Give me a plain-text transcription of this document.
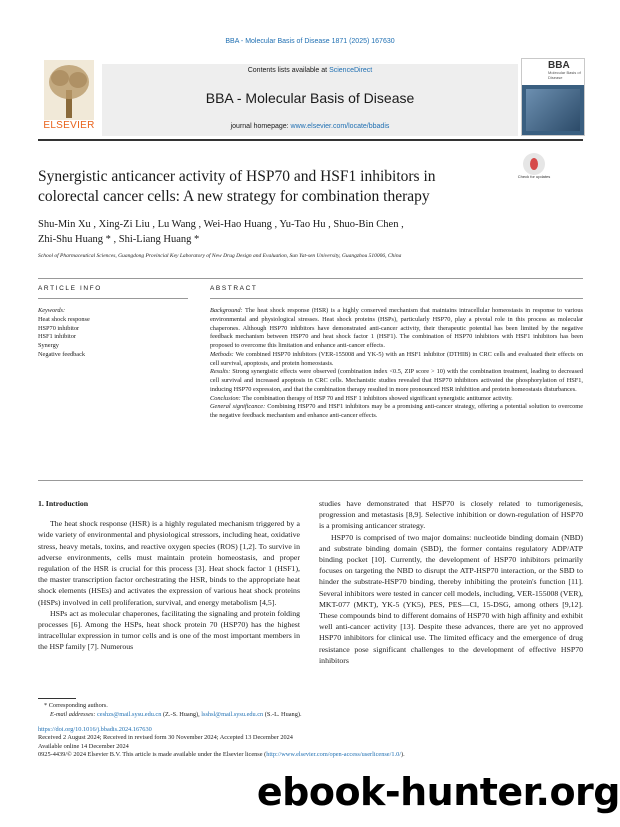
BBA - Molecular Basis of Disease 1871 (2025) 167630
ELSEVIER
Contents lists available at ScienceDirect
BBA - Molecular Basis of Disease
journal homepage: www.elsevier.com/locate/bbadis
BBA
Molecular Basis of Disease
Synergistic anticancer activity of HSP70 and HSF1 inhibitors in colorectal cancer cells: A new strategy for combination therapy
Check for updates
Shu-Min Xu , Xing-Zi Liu , Lu Wang , Wei-Hao Huang , Yu-Tao Hu , Shuo-Bin Chen ,
Zhi-Shu Huang * , Shi-Liang Huang *
School of Pharmaceutical Sciences, Guangdong Provincial Key Laboratory of New Drug Design and Evaluation, Sun Yat-sen University, Guangzhou 510006, China
ARTICLE INFO	ABSTRACT
Keywords:
Heat shock response
HSP70 inhibitor
HSF1 inhibitor
Synergy
Negative feedback

Background: The heat shock response (HSR) is a highly conserved mechanism that maintains intracellular homeostasis in response to various environmental and physiological stresses. Heat shock proteins (HSPs), particularly HSP70, play a pivotal role in this process as molecular chaperones. Although HSP70 inhibitors have demonstrated anti-cancer activity, their therapeutic potential has been limited by the negative feedback mechanism between HSP70 and heat shock factor 1 (HSF1). The combination of HSP70 inhibitors with HSF1 inhibitors has been proposed to overcome this limitation and enhance anti-cancer effects.

Methods: We combined HSP70 inhibitors (VER-155008 and YK-5) with an HSF1 inhibitor (DTHIB) in CRC cells and evaluated their effects on cell survival, apoptosis, and protein homeostasis.

Results: Strong synergistic effects were observed (combination index <0.5, ZIP score > 10) with the combination treatment, leading to decreased cell survival and increased apoptosis in CRC cells. Mechanistic studies revealed that HSP70 inhibitors activated the phosphorylation of HSF1, inducing HSP70 expression, and that the combination therapy resulted in more pronounced HSR inhibition and protein homeostasis disturbances.

Conclusion: The combination therapy of HSP 70 and HSF 1 inhibitors showed significant synergistic antitumor activity.

General significance: Combining HSP70 and HSF1 inhibitors may be a promising anti-cancer strategy, offering a potential solution to overcome the negative feedback mechanism and enhance anti-cancer effects.

1. Introduction

The heat shock response (HSR) is a highly regulated mechanism triggered by a wide variety of environmental and physiological stressors, including heat, oxidative stress, heavy metals, toxins, and reactive oxygen species (ROS) [1,2]. To survive in adverse environments, cells must maintain protein homeostasis, and proper regulation of the HSR is crucial for this process [3]. Heat shock factor 1 (HSF1), the master transcription factor orchestrating the HSR, binds to the appropriate heat shock elements (HSEs) and activates the expression of various heat shock proteins (HSPs) involved in cell proliferation, survival, and energy metabolism [4,5].

HSPs act as molecular chaperones, facilitating the signaling and protein folding processes [6]. Among the HSPs, heat shock protein 70 (HSP70) has the highest intracellular expression in tumor cells and is one of the most important members in the HSP family [7]. Numerous

studies have demonstrated that HSP70 is closely related to tumorigenesis, progression and metastasis [8,9]. Selective inhibition or down-regulation of HSP70 is a promising anticancer strategy.

HSP70 is comprised of two major domains: nucleotide binding domain (NBD) and substrate binding domain (SBD), the former contains regulatory ADP/ATP binding pocket [10]. Currently, the development of HSP70 inhibitors primarily focuses on targeting the NBD to disrupt the ATP-HSP70 interaction, or the SBD to hinder the substrate-HSP70 binding, thereby inhibiting the protein's function [11]. Several inhibitors were tested in cancer cell models, including, VER-155008 (VER), MKT-077 (MKT), YK-5 (YK5), PES, PES—Cl, 15-DSG, among others [9,12]. These compounds bind to different domains of HSP70 with high affinity and exhibit well anti-cancer activity [13]. Despite these advances, there are yet no approved HSP70 inhibitors for clinical use. The limited efficacy and the emergence of drug resistance pose significant challenges to the development of effective HSP70 inhibitors

* Corresponding authors.
E-mail addresses: ceshzs@mail.sysu.edu.cn (Z.-S. Huang), lsshsl@mail.sysu.edu.cn (S.-L. Huang).
https://doi.org/10.1016/j.bbadis.2024.167630
Received 2 August 2024; Received in revised form 30 November 2024; Accepted 13 December 2024
Available online 14 December 2024
0925-4439/© 2024 Elsevier B.V. This article is made available under the Elsevier license (http://www.elsevier.com/open-access/userlicense/1.0/).
ebook-hunter.org
